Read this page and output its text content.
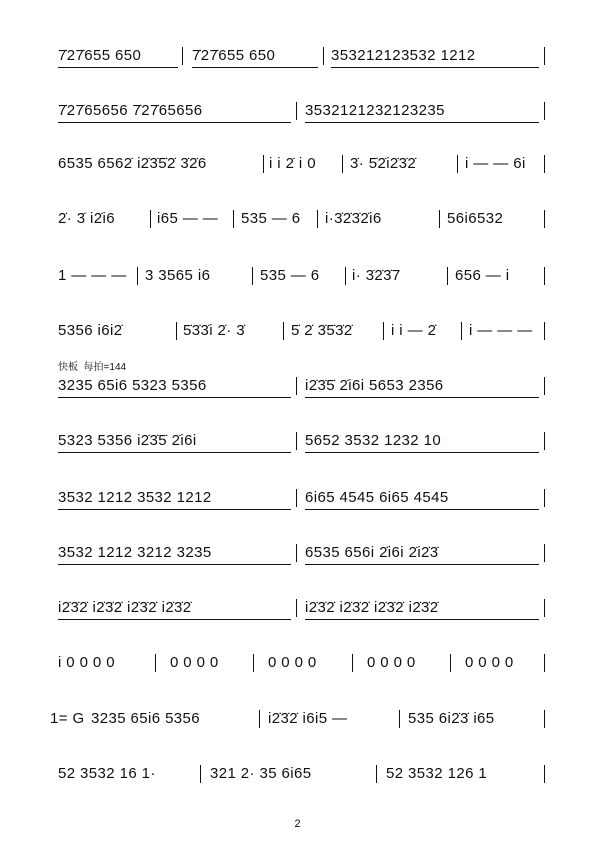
7̇27̇655 650	7̇27̇655 650	353212123532 1212
7̇27̇65656 7̇27̇65656	3532121232123235
6535 6562̇ i2̇3̇5̇2̇ 3̇2̇6	i i 2̇ i 0 3̇· 5̇2̇i2̇3̇2̇	i — — 6i
2̇· 3̇ i2̇i6	i65 — — 535 — 6 i·3̇2̇3̇2̇i6	56i6532
1 — — — 3 3565 i6	535 — 6 i· 3̇2̇3̇7	656 — i
5356 i6i2̇	5̇3̇3̇i 2̇· 3̇	5̇ 2̇ 3̇5̇3̇2̇	i i — 2̇ i — — —
快板  每拍=144
3235 65i6 5323 5356	i2̇3̇5̇ 2̇i6i 5653 2356
5323 5356 i2̇3̇5̇ 2̇i6i	5652 3532 1232 10
3532 1212 3532 1212	6i65 4545 6i65 4545
3532 1212 3212 3235	6535 656i 2̇i6i 2̇i2̇3̇
i2̇3̇2̇ i2̇3̇2̇ i2̇3̇2̇ i2̇3̇2̇	i2̇3̇2̇ i2̇3̇2̇ i2̇3̇2̇ i2̇3̇2̇
i 0 0 0 0	0 0 0 0	0 0 0 0	0 0 0 0	0 0 0 0
1= G 3235 65i6 5356	i2̇3̇2̇ i6i5 —	535 6i2̇3̇ i65
52 3532 16 1·	321 2· 35 6i65	52 3532 126 1
2
